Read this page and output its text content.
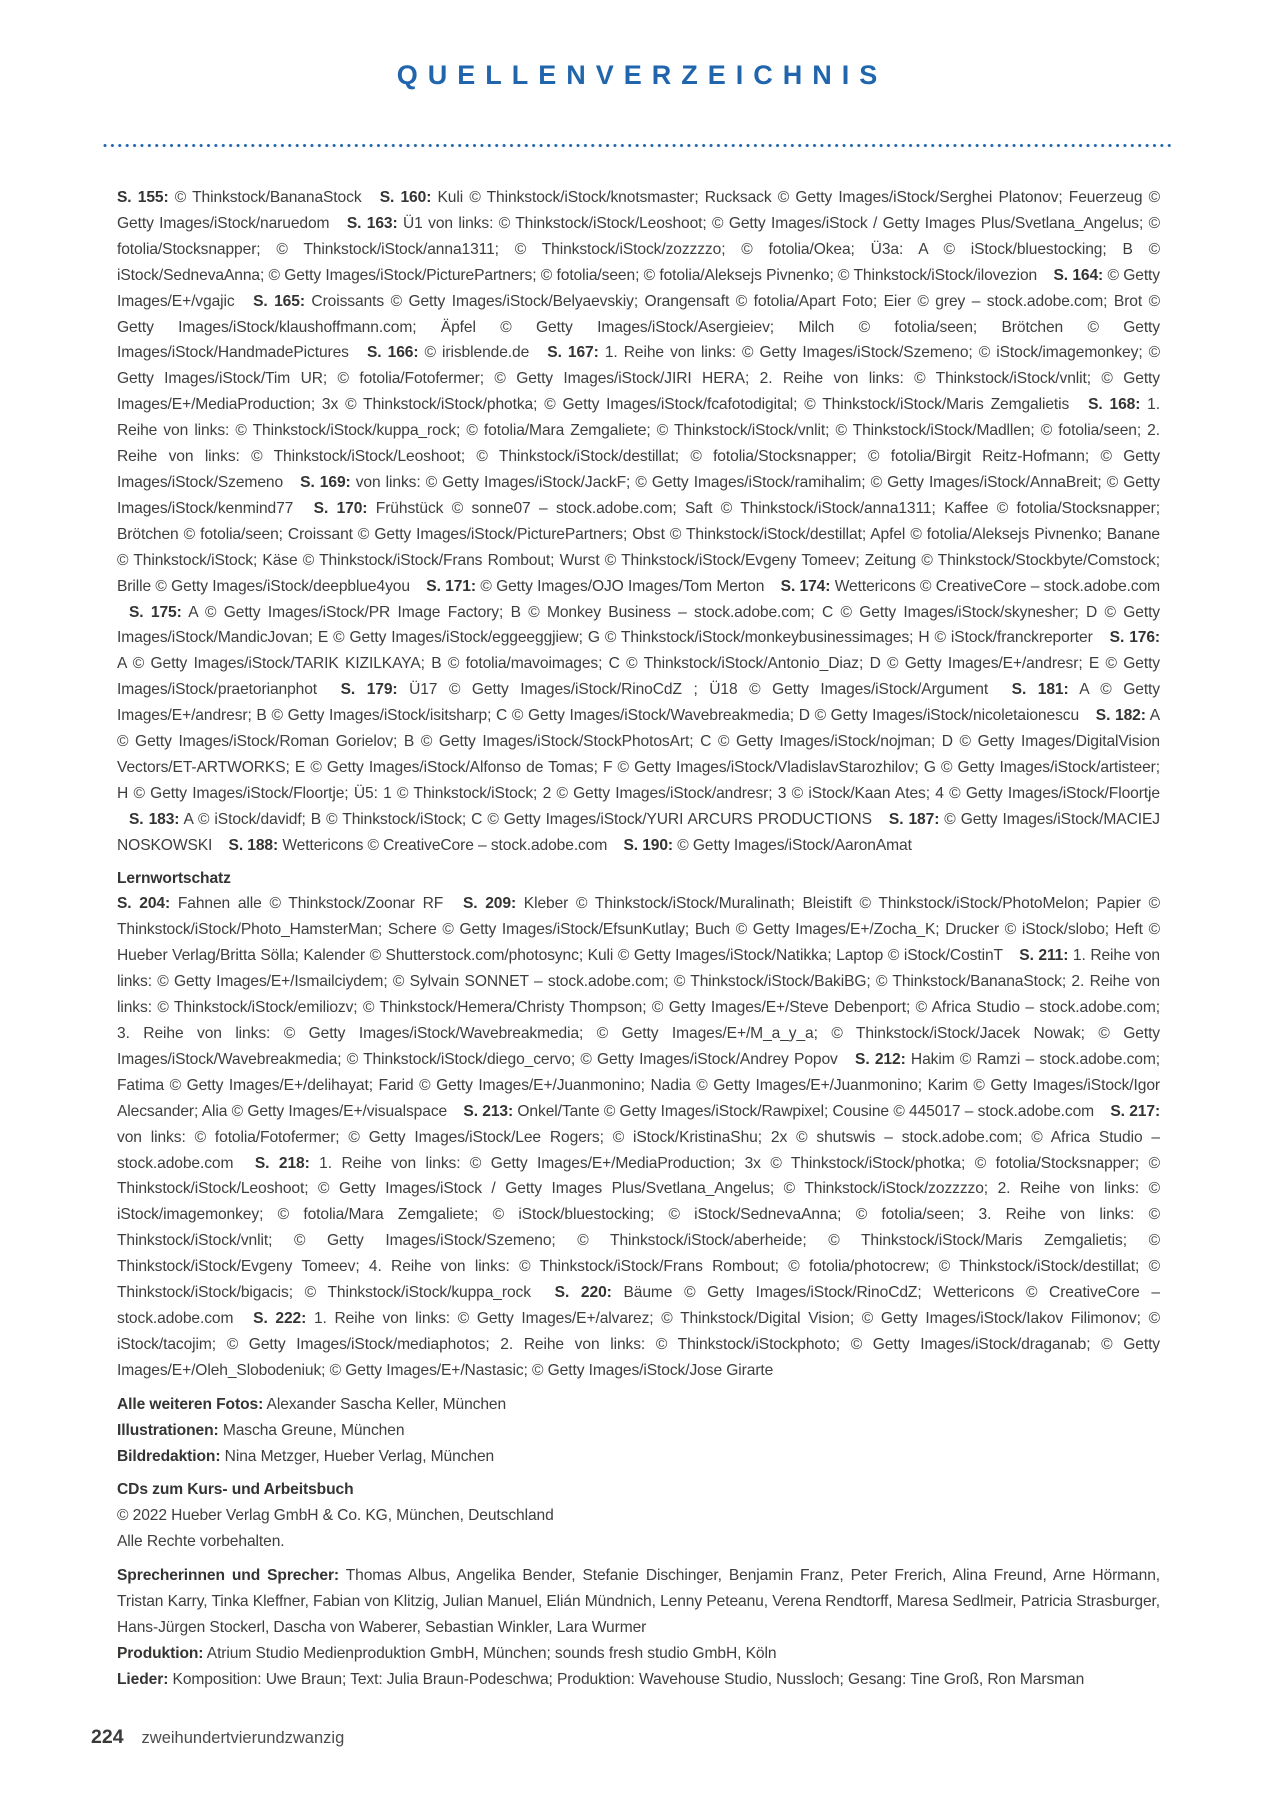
QUELLENVERZEICHNIS

S. 155: © Thinkstock/BananaStock S. 160: Kuli © Thinkstock/iStock/knotsmaster; Rucksack © Getty Images/iStock/Serghei Platonov; Feuerzeug © Getty Images/iStock/naruedom S. 163: Ü1 von links: © Thinkstock/iStock/Leoshoot; © Getty Images/iStock / Getty Images Plus/Svetlana_Angelus; © fotolia/Stocksnapper; © Thinkstock/iStock/anna1311; © Thinkstock/iStock/zozzzzo; © fotolia/Okea; Ü3a: A © iStock/bluestocking; B © iStock/SednevaAnna; © Getty Images/iStock/PicturePartners; © fotolia/seen; © fotolia/Aleksejs Pivnenko; © Thinkstock/iStock/ilovezion S. 164: © Getty Images/E+/vgajic S. 165: Croissants © Getty Images/iStock/Belyaevskiy; Orangensaft © fotolia/Apart Foto; Eier © grey – stock.adobe.com; Brot © Getty Images/iStock/klaushoffmann.com; Äpfel © Getty Images/iStock/Asergieiev; Milch © fotolia/seen; Brötchen © Getty Images/iStock/HandmadePictures S. 166: © irisblende.de S. 167: 1. Reihe von links: © Getty Images/iStock/Szemeno; © iStock/imagemonkey; © Getty Images/iStock/Tim UR; © fotolia/Fotofermer; © Getty Images/iStock/JIRI HERA; 2. Reihe von links: © Thinkstock/iStock/vnlit; © Getty Images/E+/MediaProduction; 3x © Thinkstock/iStock/photka; © Getty Images/iStock/fcafotodigital; © Thinkstock/iStock/Maris Zemgalietis S. 168: 1. Reihe von links: © Thinkstock/iStock/kuppa_rock; © fotolia/Mara Zemgaliete; © Thinkstock/iStock/vnlit; © Thinkstock/iStock/Madllen; © fotolia/seen; 2. Reihe von links: © Thinkstock/iStock/Leoshoot; © Thinkstock/iStock/destillat; © fotolia/Stocksnapper; © fotolia/Birgit Reitz-Hofmann; © Getty Images/iStock/Szemeno S. 169: von links: © Getty Images/iStock/JackF; © Getty Images/iStock/ramihalim; © Getty Images/iStock/AnnaBreit; © Getty Images/iStock/kenmind77 S. 170: Frühstück © sonne07 – stock.adobe.com; Saft © Thinkstock/iStock/anna1311; Kaffee © fotolia/Stocksnapper; Brötchen © fotolia/seen; Croissant © Getty Images/iStock/PicturePartners; Obst © Thinkstock/iStock/destillat; Apfel © fotolia/Aleksejs Pivnenko; Banane © Thinkstock/iStock; Käse © Thinkstock/iStock/Frans Rombout; Wurst © Thinkstock/iStock/Evgeny Tomeev; Zeitung © Thinkstock/Stockbyte/Comstock; Brille © Getty Images/iStock/deepblue4you S. 171: © Getty Images/OJO Images/Tom Merton S. 174: Wettericons © CreativeCore – stock.adobe.com S. 175: A © Getty Images/iStock/PR Image Factory; B © Monkey Business – stock.adobe.com; C © Getty Images/iStock/skynesher; D © Getty Images/iStock/MandicJovan; E © Getty Images/iStock/eggeeggjiew; G © Thinkstock/iStock/monkeybusinessimages; H © iStock/franckreporter S. 176: A © Getty Images/iStock/TARIK KIZILKAYA; B © fotolia/mavoimages; C © Thinkstock/iStock/Antonio_Diaz; D © Getty Images/E+/andresr; E © Getty Images/iStock/praetorianphot S. 179: Ü17 © Getty Images/iStock/RinoCdZ ; Ü18 © Getty Images/iStock/Argument S. 181: A © Getty Images/E+/andresr; B © Getty Images/iStock/isitsharp; C © Getty Images/iStock/Wavebreakmedia; D © Getty Images/iStock/nicoletaionescu S. 182: A © Getty Images/iStock/Roman Gorielov; B © Getty Images/iStock/StockPhotosArt; C © Getty Images/iStock/nojman; D © Getty Images/DigitalVision Vectors/ET-ARTWORKS; E © Getty Images/iStock/Alfonso de Tomas; F © Getty Images/iStock/VladislavStarozhilov; G © Getty Images/iStock/artisteer; H © Getty Images/iStock/Floortje; Ü5: 1 © Thinkstock/iStock; 2 © Getty Images/iStock/andresr; 3 © iStock/Kaan Ates; 4 © Getty Images/iStock/Floortje S. 183: A © iStock/davidf; B © Thinkstock/iStock; C © Getty Images/iStock/YURI ARCURS PRODUCTIONS S. 187: © Getty Images/iStock/MACIEJ NOSKOWSKI S. 188: Wettericons © CreativeCore – stock.adobe.com S. 190: © Getty Images/iStock/AaronAmat

Lernwortschatz

S. 204: Fahnen alle © Thinkstock/Zoonar RF S. 209: Kleber © Thinkstock/iStock/Muralinath; Bleistift © Thinkstock/iStock/PhotoMelon; Papier © Thinkstock/iStock/Photo_HamsterMan; Schere © Getty Images/iStock/EfsunKutlay; Buch © Getty Images/E+/Zocha_K; Drucker © iStock/slobo; Heft © Hueber Verlag/Britta Sölla; Kalender © Shutterstock.com/photosync; Kuli © Getty Images/iStock/Natikka; Laptop © iStock/CostinT S. 211: 1. Reihe von links: © Getty Images/E+/Ismailciydem; © Sylvain SONNET – stock.adobe.com; © Thinkstock/iStock/BakiBG; © Thinkstock/BananaStock; 2. Reihe von links: © Thinkstock/iStock/emiliozv; © Thinkstock/Hemera/Christy Thompson; © Getty Images/E+/Steve Debenport; © Africa Studio – stock.adobe.com; 3. Reihe von links: © Getty Images/iStock/Wavebreakmedia; © Getty Images/E+/M_a_y_a; © Thinkstock/iStock/Jacek Nowak; © Getty Images/iStock/Wavebreakmedia; © Thinkstock/iStock/diego_cervo; © Getty Images/iStock/Andrey Popov S. 212: Hakim © Ramzi – stock.adobe.com; Fatima © Getty Images/E+/delihayat; Farid © Getty Images/E+/Juanmonino; Nadia © Getty Images/E+/Juanmonino; Karim © Getty Images/iStock/Igor Alecsander; Alia © Getty Images/E+/visualspace S. 213: Onkel/Tante © Getty Images/iStock/Rawpixel; Cousine © 445017 – stock.adobe.com S. 217: von links: © fotolia/Fotofermer; © Getty Images/iStock/Lee Rogers; © iStock/KristinaShu; 2x © shutswis – stock.adobe.com; © Africa Studio – stock.adobe.com S. 218: 1. Reihe von links: © Getty Images/E+/MediaProduction; 3x © Thinkstock/iStock/photka; © fotolia/Stocksnapper; © Thinkstock/iStock/Leoshoot; © Getty Images/iStock / Getty Images Plus/Svetlana_Angelus; © Thinkstock/iStock/zozzzzo; 2. Reihe von links: © iStock/imagemonkey; © fotolia/Mara Zemgaliete; © iStock/bluestocking; © iStock/SednevaAnna; © fotolia/seen; 3. Reihe von links: © Thinkstock/iStock/vnlit; © Getty Images/iStock/Szemeno; © Thinkstock/iStock/aberheide; © Thinkstock/iStock/Maris Zemgalietis; © Thinkstock/iStock/Evgeny Tomeev; 4. Reihe von links: © Thinkstock/iStock/Frans Rombout; © fotolia/photocrew; © Thinkstock/iStock/destillat; © Thinkstock/iStock/bigacis; © Thinkstock/iStock/kuppa_rock S. 220: Bäume © Getty Images/iStock/RinoCdZ; Wettericons © CreativeCore – stock.adobe.com S. 222: 1. Reihe von links: © Getty Images/E+/alvarez; © Thinkstock/Digital Vision; © Getty Images/iStock/Iakov Filimonov; © iStock/tacojim; © Getty Images/iStock/mediaphotos; 2. Reihe von links: © Thinkstock/iStockphoto; © Getty Images/iStock/draganab; © Getty Images/E+/Oleh_Slobodeniuk; © Getty Images/E+/Nastasic; © Getty Images/iStock/Jose Girarte

Alle weiteren Fotos: Alexander Sascha Keller, München
Illustrationen: Mascha Greune, München
Bildredaktion: Nina Metzger, Hueber Verlag, München
CDs zum Kurs- und Arbeitsbuch
© 2022 Hueber Verlag GmbH & Co. KG, München, Deutschland
Alle Rechte vorbehalten.
Sprecherinnen und Sprecher: Thomas Albus, Angelika Bender, Stefanie Dischinger, Benjamin Franz, Peter Frerich, Alina Freund, Arne Hörmann, Tristan Karry, Tinka Kleffner, Fabian von Klitzig, Julian Manuel, Elián Mündnich, Lenny Peteanu, Verena Rendtorff, Maresa Sedlmeir, Patricia Strasburger, Hans-Jürgen Stockerl, Dascha von Waberer, Sebastian Winkler, Lara Wurmer
Produktion: Atrium Studio Medienproduktion GmbH, München; sounds fresh studio GmbH, Köln
Lieder: Komposition: Uwe Braun; Text: Julia Braun-Podeschwa; Produktion: Wavehouse Studio, Nussloch; Gesang: Tine Groß, Ron Marsman
224 zweihundertvierundzwanzig
